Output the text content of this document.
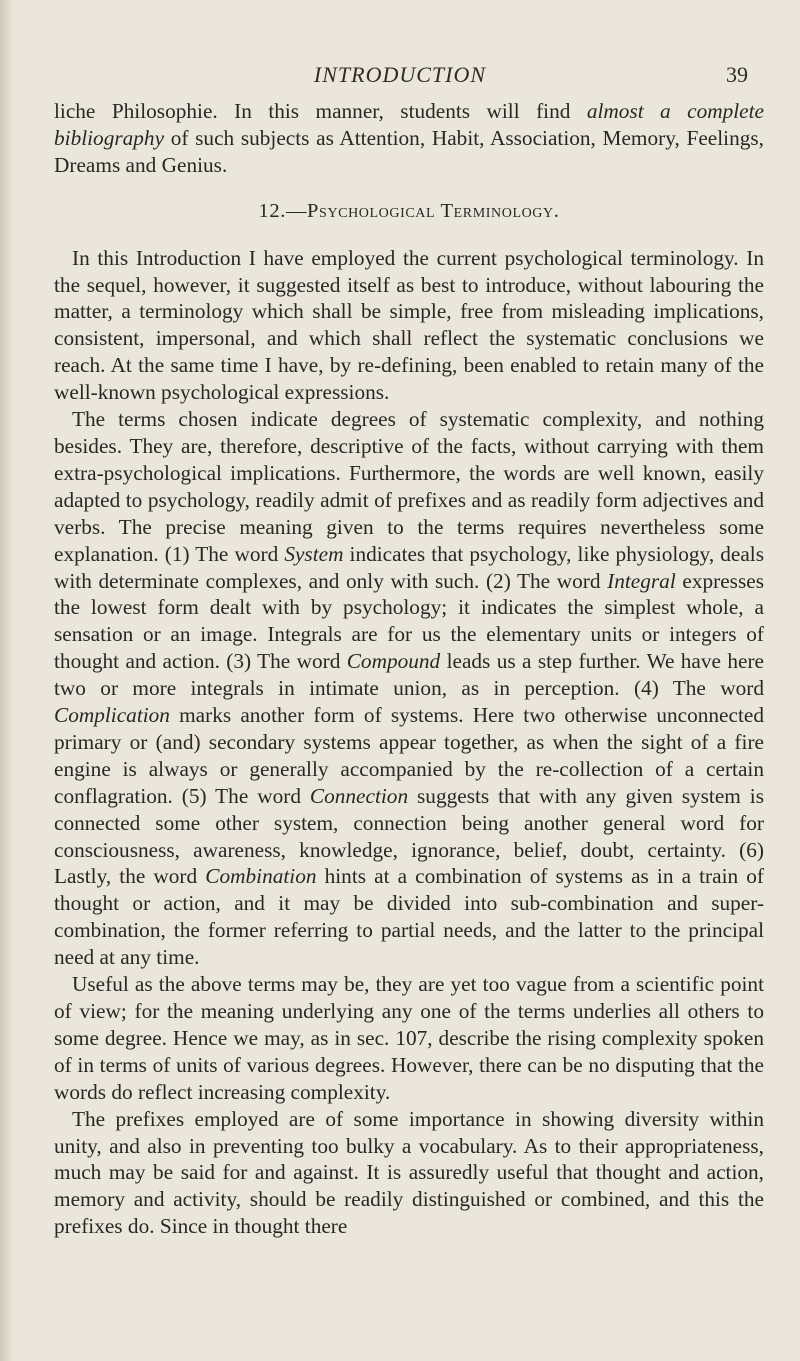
INTRODUCTION	39

liche Philosophie. In this manner, students will find almost a complete bibliography of such subjects as Attention, Habit, Association, Memory, Feelings, Dreams and Genius.

12.—Psychological Terminology.

In this Introduction I have employed the current psychological terminology. In the sequel, however, it suggested itself as best to introduce, without labouring the matter, a terminology which shall be simple, free from misleading implications, consistent, impersonal, and which shall reflect the systematic conclusions we reach. At the same time I have, by re-defining, been enabled to retain many of the well-known psychological expressions.

The terms chosen indicate degrees of systematic complexity, and nothing besides. They are, therefore, descriptive of the facts, without carrying with them extra-psychological implications. Furthermore, the words are well known, easily adapted to psychology, readily admit of prefixes and as readily form adjectives and verbs. The precise meaning given to the terms requires nevertheless some explanation. (1) The word System indicates that psychology, like physiology, deals with determinate complexes, and only with such. (2) The word Integral expresses the lowest form dealt with by psychology; it indicates the simplest whole, a sensation or an image. Integrals are for us the elementary units or integers of thought and action. (3) The word Compound leads us a step further. We have here two or more integrals in intimate union, as in perception. (4) The word Complication marks another form of systems. Here two otherwise unconnected primary or (and) secondary systems appear together, as when the sight of a fire engine is always or generally accompanied by the re-collection of a certain conflagration. (5) The word Connection suggests that with any given system is connected some other system, connection being another general word for consciousness, awareness, knowledge, ignorance, belief, doubt, certainty. (6) Lastly, the word Combination hints at a combination of systems as in a train of thought or action, and it may be divided into sub-combination and super-combination, the former referring to partial needs, and the latter to the principal need at any time.

Useful as the above terms may be, they are yet too vague from a scientific point of view; for the meaning underlying any one of the terms underlies all others to some degree. Hence we may, as in sec. 107, describe the rising complexity spoken of in terms of units of various degrees. However, there can be no disputing that the words do reflect increasing complexity.

The prefixes employed are of some importance in showing diversity within unity, and also in preventing too bulky a vocabulary. As to their appropriateness, much may be said for and against. It is assuredly useful that thought and action, memory and activity, should be readily distinguished or combined, and this the prefixes do. Since in thought there
